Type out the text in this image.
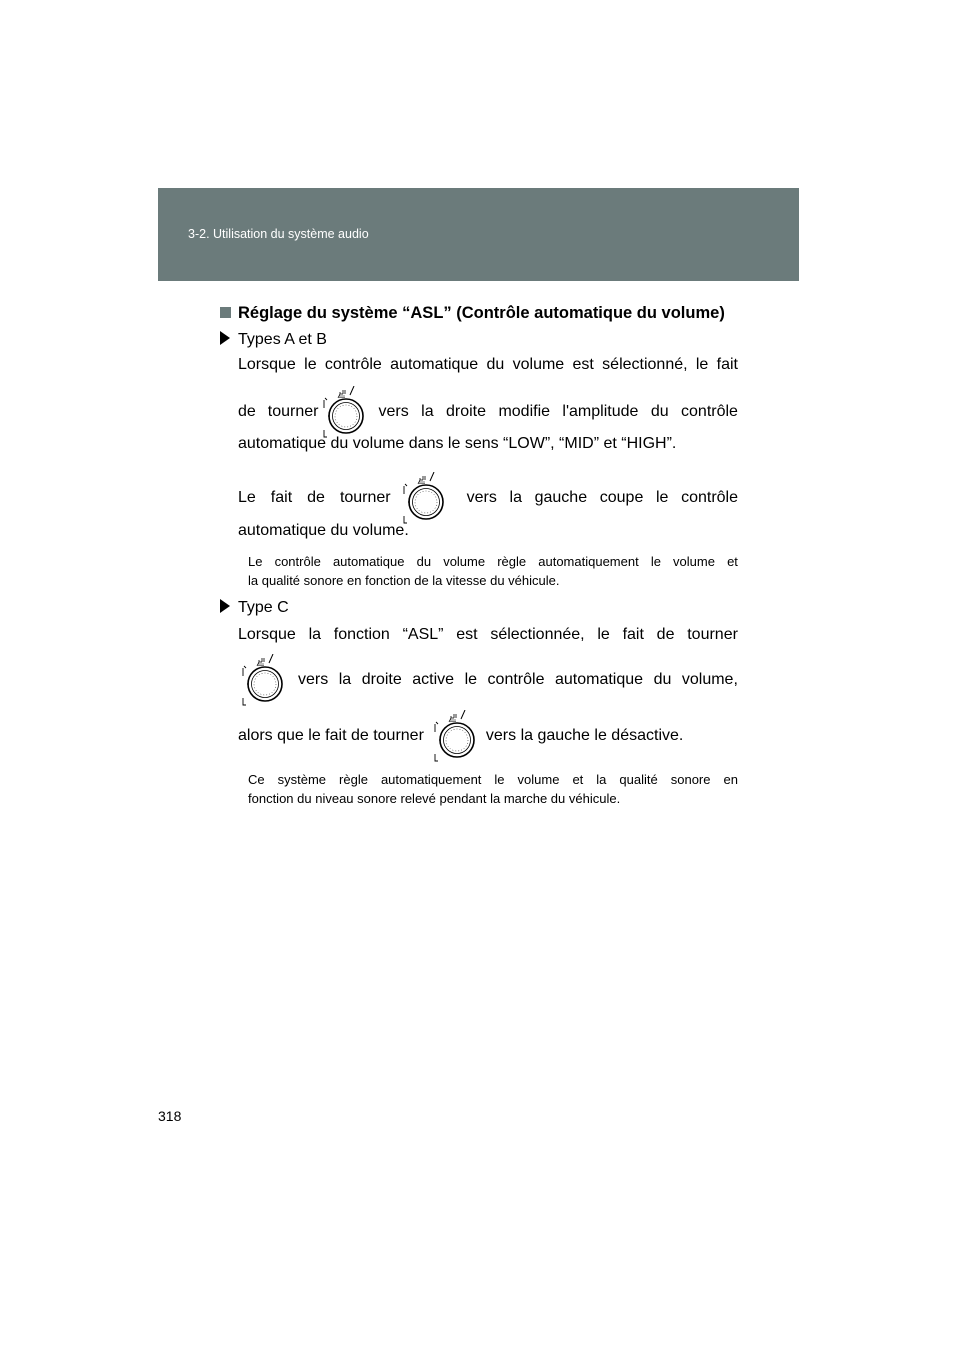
3-2. Utilisation du système audio
Réglage du système “ASL” (Contrôle automatique du volume)
Types A et B
Lorsque le contrôle automatique du volume est sélectionné, le fait
de tourner	vers la droite modifie l'amplitude du contrôle
automatique du volume dans le sens “LOW”, “MID” et “HIGH”.
Le fait de tourner	vers la gauche coupe le contrôle
automatique du volume.
Le contrôle automatique du volume règle automatiquement le volume et
la qualité sonore en fonction de la vitesse du véhicule.
Type C
Lorsque la fonction “ASL” est sélectionnée, le fait de tourner
vers la droite active le contrôle automatique du volume,
alors que le fait de tourner	vers la gauche le désactive.
Ce système règle automatiquement le volume et la qualité sonore en
fonction du niveau sonore relevé pendant la marche du véhicule.
318
